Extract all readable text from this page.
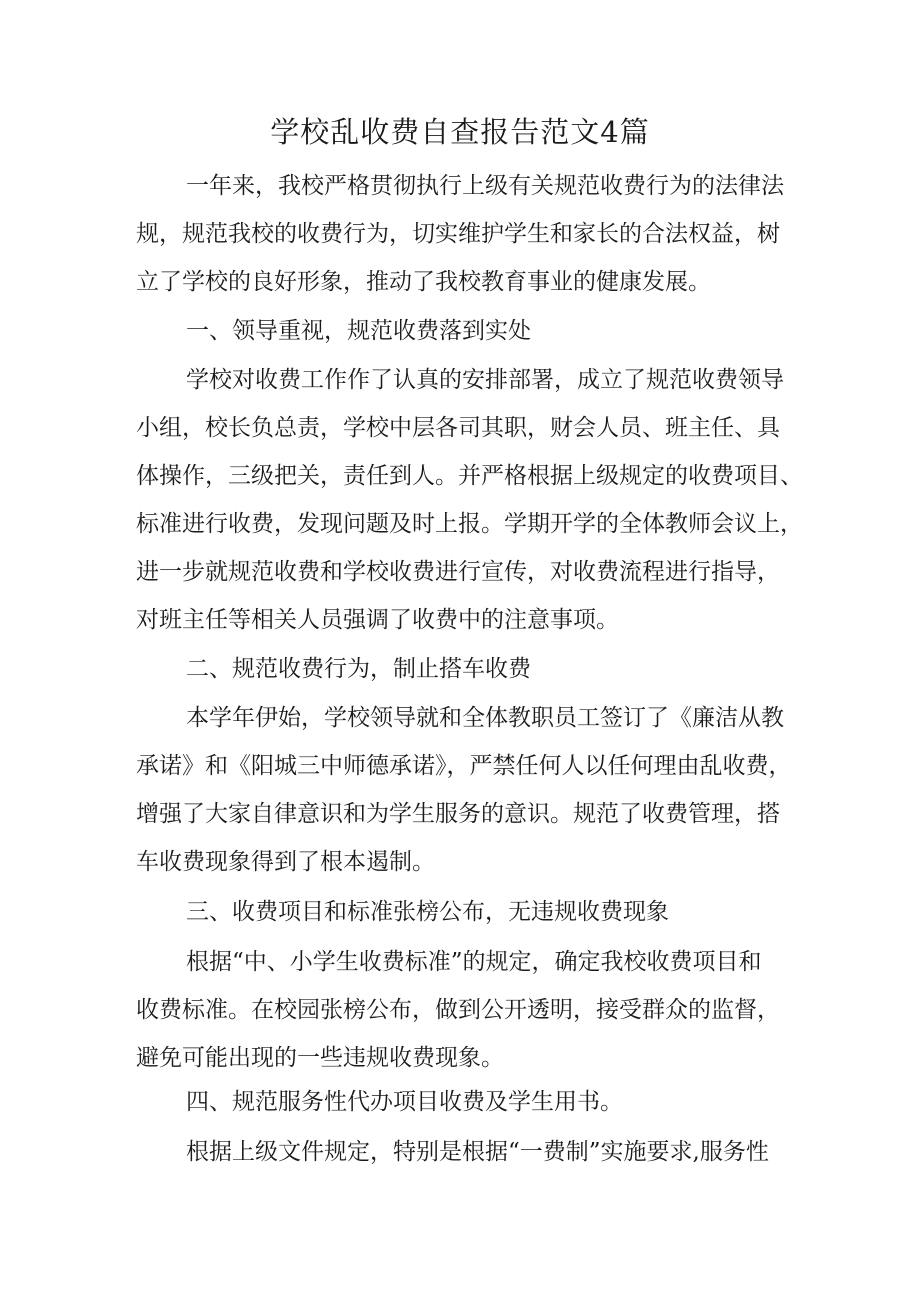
学校乱收费自查报告范文4篇
一年来，我校严格贯彻执行上级有关规范收费行为的法律法
规，规范我校的收费行为，切实维护学生和家长的合法权益，树
立了学校的良好形象，推动了我校教育事业的健康发展。
一、领导重视，规范收费落到实处
学校对收费工作作了认真的安排部署，成立了规范收费领导
小组，校长负总责，学校中层各司其职，财会人员、班主任、具
体操作，三级把关，责任到人。并严格根据上级规定的收费项目、
标准进行收费，发现问题及时上报。学期开学的全体教师会议上，
进一步就规范收费和学校收费进行宣传，对收费流程进行指导，
对班主任等相关人员强调了收费中的注意事项。
二、规范收费行为，制止搭车收费
本学年伊始，学校领导就和全体教职员工签订了《廉洁从教
承诺》和《阳城三中师德承诺》，严禁任何人以任何理由乱收费，
增强了大家自律意识和为学生服务的意识。规范了收费管理，搭
车收费现象得到了根本遏制。
三、收费项目和标准张榜公布，无违规收费现象
根据“中、小学生收费标准”的规定，确定我校收费项目和
收费标准。在校园张榜公布，做到公开透明，接受群众的监督，
避免可能出现的一些违规收费现象。
四、规范服务性代办项目收费及学生用书。
根据上级文件规定，特别是根据“一费制”实施要求,服务性
